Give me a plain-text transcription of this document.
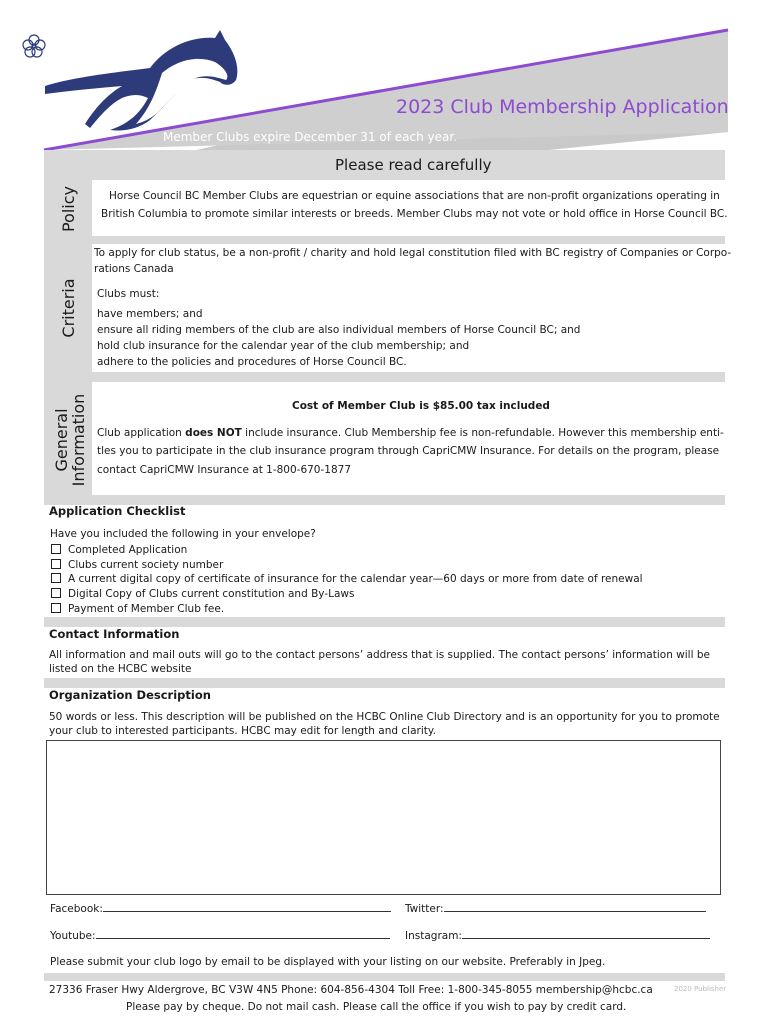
2023 Club Membership Application
Member Clubs expire December 31 of each year.
Please read carefully
Policy	Horse Council BC Member Clubs are equestrian or equine associations that are non-profit organizations operating in
British Columbia to promote similar interests or breeds. Member Clubs may not vote or hold office in Horse Council BC.
Criteria
To apply for club status, be a non-profit / charity and hold legal constitution filed with BC registry of Companies or Corpo-
rations Canada
Clubs must:
have members; and
ensure all riding members of the club are also individual members of Horse Council BC; and
hold club insurance for the calendar year of the club membership; and
adhere to the policies and procedures of Horse Council BC.
General
Information	Cost of Member Club is $85.00 tax included
Club application does NOT include insurance. Club Membership fee is non-refundable. However this membership enti-
tles you to participate in the club insurance program through CapriCMW Insurance. For details on the program, please
contact CapriCMW Insurance at 1-800-670-1877
Application Checklist
Have you included the following in your envelope?
Completed Application
Clubs current society number
A current digital copy of certificate of insurance for the calendar year—60 days or more from date of renewal
Digital Copy of Clubs current constitution and By-Laws
Payment of Member Club fee.
Contact Information
All information and mail outs will go to the contact persons’ address that is supplied. The contact persons’ information will be
listed on the HCBC website
Organization Description
50 words or less. This description will be published on the HCBC Online Club Directory and is an opportunity for you to promote
your club to interested participants. HCBC may edit for length and clarity.
Facebook:	Twitter:
Youtube:	Instagram:
Please submit your club logo by email to be displayed with your listing on our website. Preferably in Jpeg.
27336 Fraser Hwy Aldergrove, BC V3W 4N5 Phone: 604-856-4304 Toll Free: 1-800-345-8055 membership@hcbc.ca	2020 Publisher
Please pay by cheque. Do not mail cash. Please call the office if you wish to pay by credit card.
